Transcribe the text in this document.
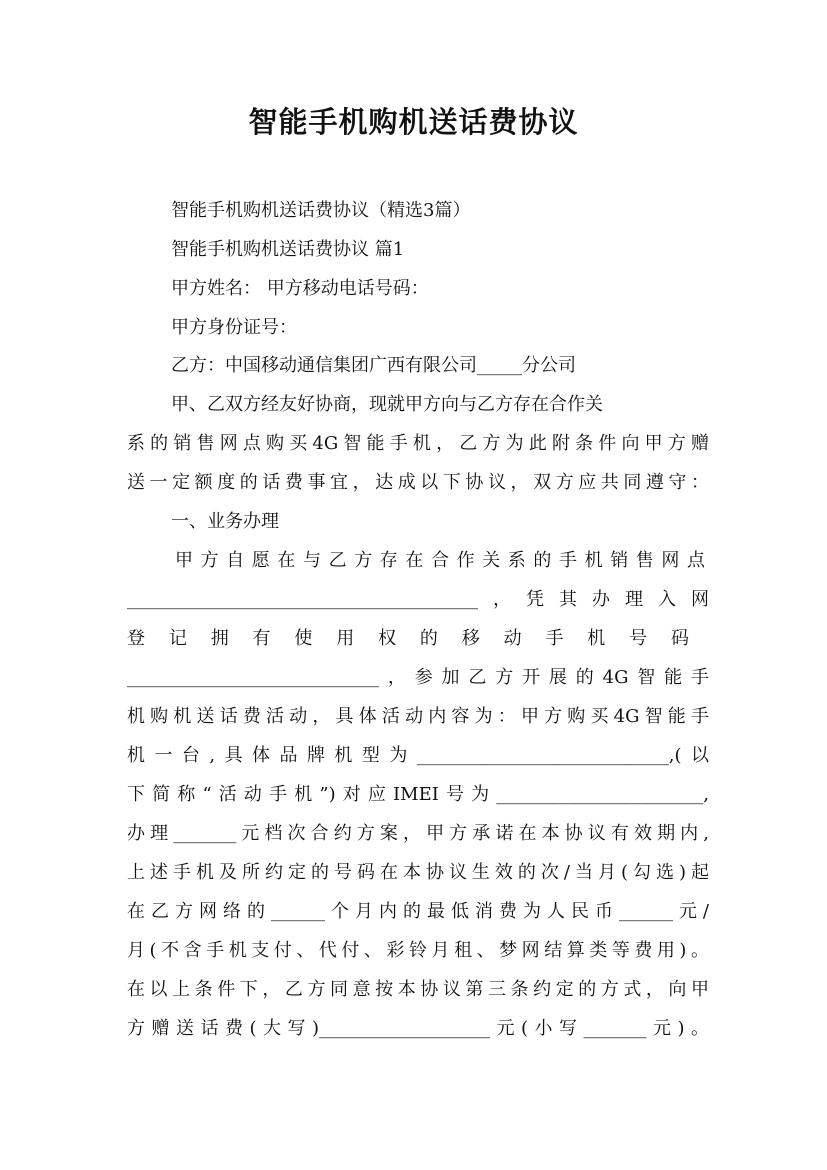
智能手机购机送话费协议
智能手机购机送话费协议（精选3篇）
智能手机购机送话费协议 篇1
甲方姓名： 甲方移动电话号码：
甲方身份证号：
乙方：中国移动通信集团广西有限公司_____分公司
甲、乙双方经友好协商，现就甲方向与乙方存在合作关
系的销售网点购买4G智能手机，乙方为此附条件向甲方赠
送一定额度的话费事宜，达成以下协议，双方应共同遵守：
一、业务办理
甲方自愿在与乙方存在合作关系的手机销售网点
_______________________________________，凭其办理入网
登记拥有使用权的移动手机号码
____________________________，参加乙方开展的4G智能手
机购机送话费活动，具体活动内容为：甲方购买4G智能手
机一台,具体品牌机型为____________________________,(以
下简称“活动手机”)对应IMEI号为_______________________,
办理_______元档次合约方案，甲方承诺在本协议有效期内,
上述手机及所约定的号码在本协议生效的次/当月(勾选)起
在乙方网络的______个月内的最低消费为人民币______元/
月(不含手机支付、代付、彩铃月租、梦网结算类等费用)。
在以上条件下，乙方同意按本协议第三条约定的方式，向甲
方赠送话费(大写)___________________元(小写_______元)。
